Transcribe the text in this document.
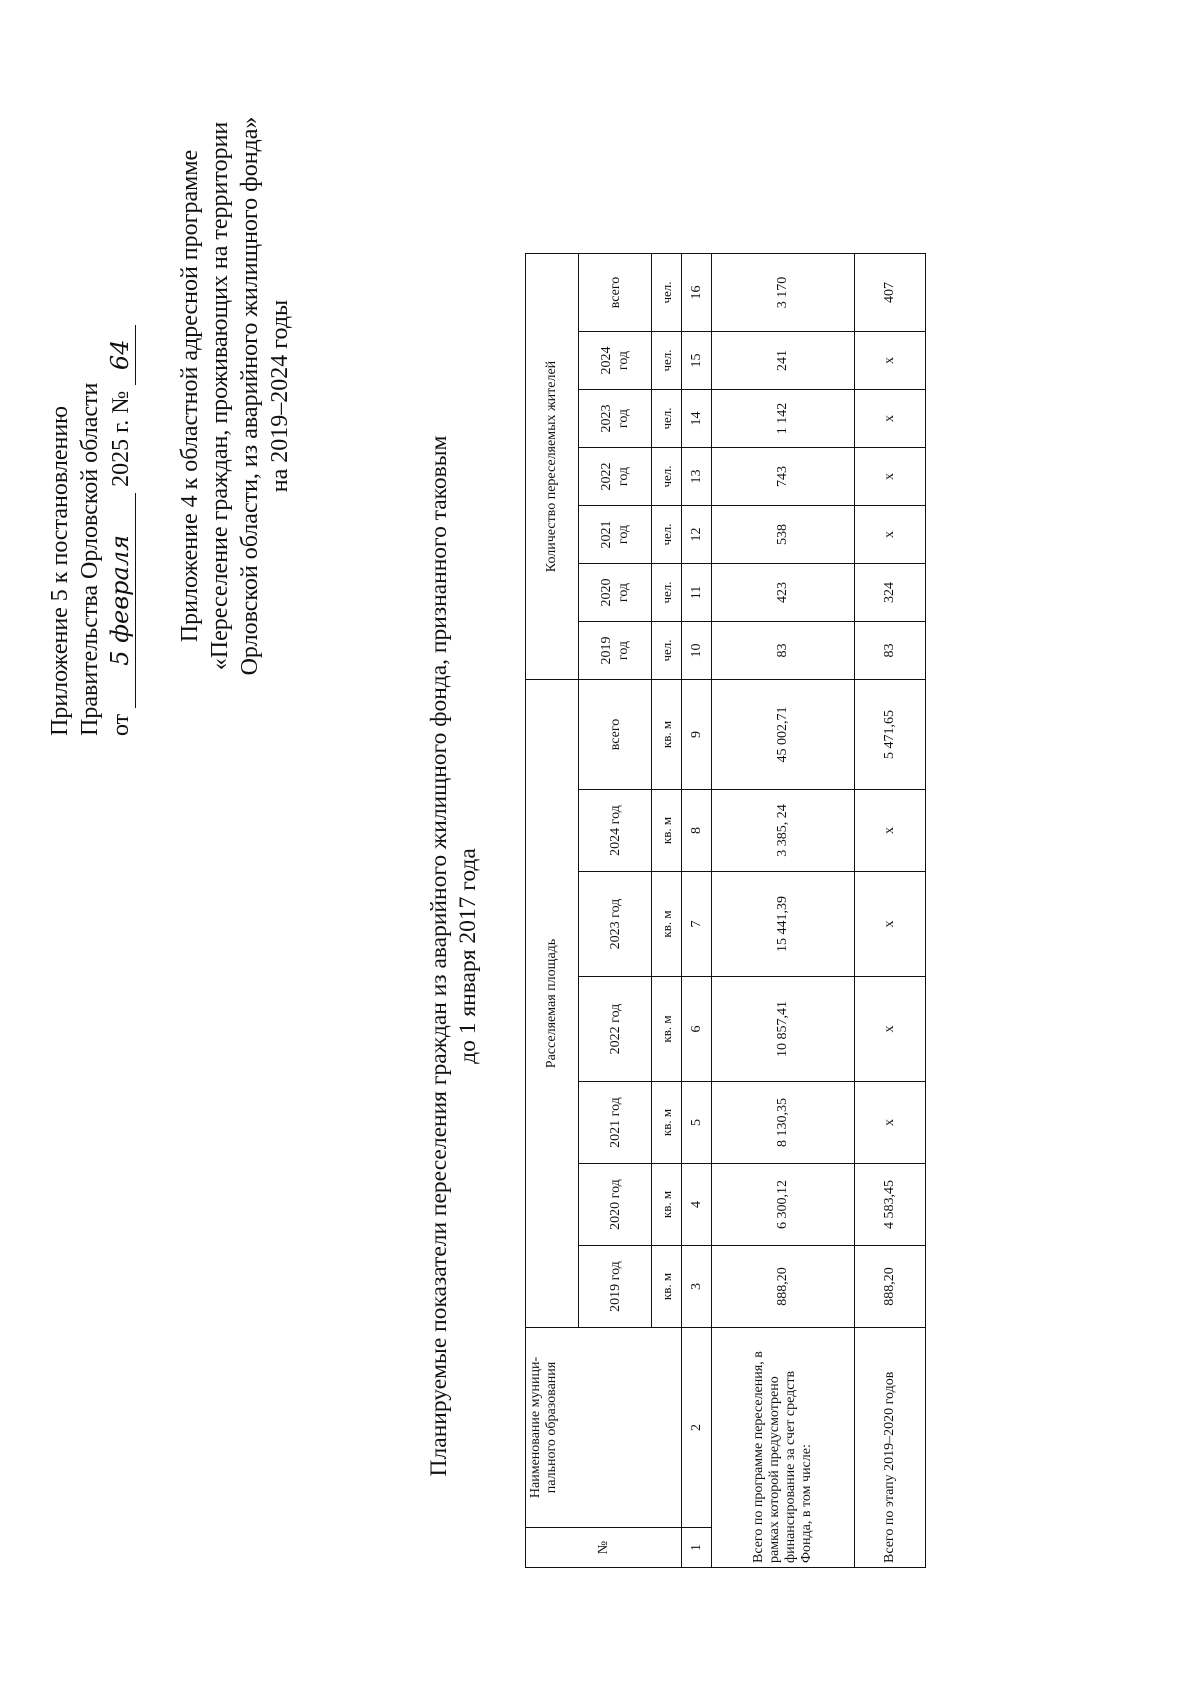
Приложение 5 к постановлению Правительства Орловской области от 5 февраля 2025 г. № 64 Приложение 4 к областной адресной программе «Переселение граждан, проживающих на территории Орловской области, из аварийного жилищного фонда» на 2019–2024 годы
Планируемые показатели переселения граждан из аварийного жилищного фонда, признанного таковым до 1 января 2017 года
№	Наименование муници-пального образования	Расселяемая площадь							Количество переселяемых жителей						
		2019 год	2020 год	2021 год	2022 год	2023 год	2024 год	всего	2019 год	2020 год	2021 год	2022 год	2023 год	2024 год	всего
		кв. м	кв. м	кв. м	кв. м	кв. м	кв. м	кв. м	чел.	чел.	чел.	чел.	чел.	чел.	чел.
1	2	3	4	5	6	7	8	9	10	11	12	13	14	15	16
Всего по программе переселения, в рамках которой предусмотрено финансирование за счет средств Фонда, в том числе:		888,20	6 300,12	8 130,35	10 857,41	15 441,39	3 385, 24	45 002,71	83	423	538	743	1 142	241	3 170
Всего по этапу 2019–2020 годов		888,20	4 583,45	х	х	х	х	5 471,65	83	324	х	х	х	х	407
